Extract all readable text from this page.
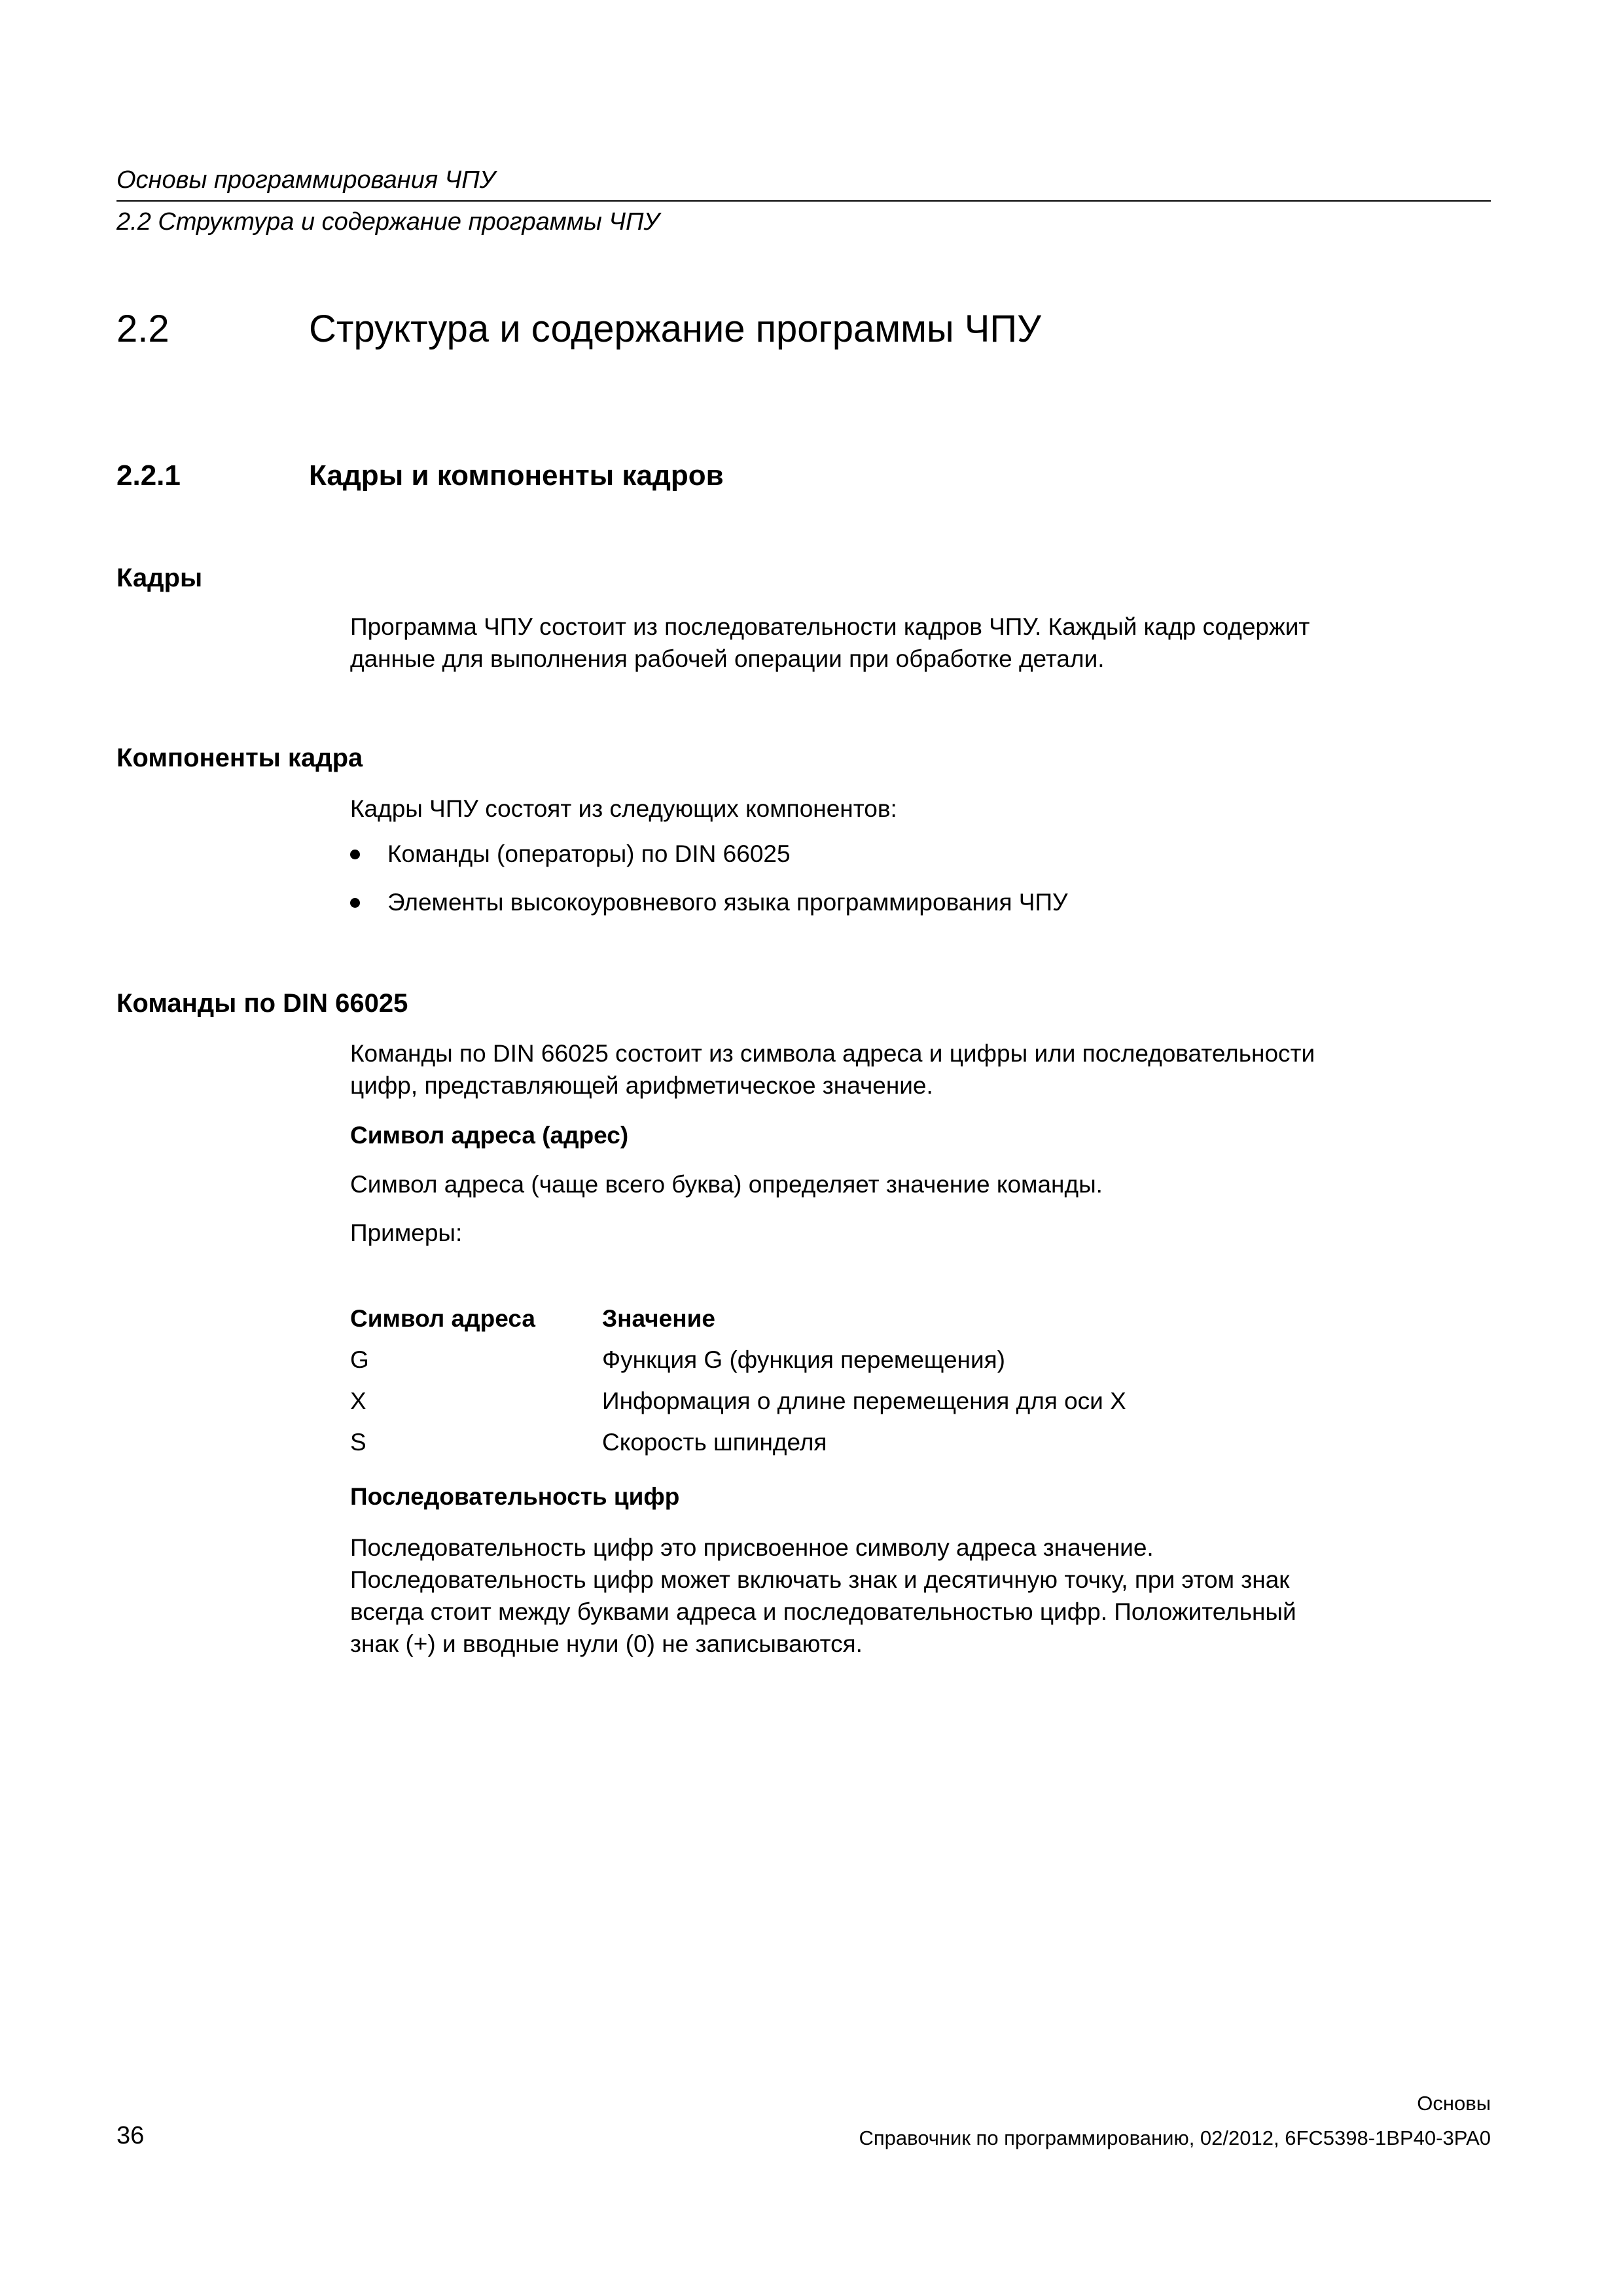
Основы программирования ЧПУ
2.2 Структура и содержание программы ЧПУ
2.2	Структура и содержание программы ЧПУ
2.2.1	Кадры и компоненты кадров
Кадры
Программа ЧПУ состоит из последовательности кадров ЧПУ. Каждый кадр содержит
данные для выполнения рабочей операции при обработке детали.
Компоненты кадра
Кадры ЧПУ состоят из следующих компонентов:
Команды (операторы) по DIN 66025
Элементы высокоуровневого языка программирования ЧПУ
Команды по DIN 66025
Команды по DIN 66025 состоит из символа адреса и цифры или последовательности
цифр, представляющей арифметическое значение.
Символ адреса (адрес)
Символ адреса (чаще всего буква) определяет значение команды.
Примеры:
Символ адреса	Значение
G	Функция G (функция перемещения)
X	Информация о длине перемещения для оси X
S	Скорость шпинделя
Последовательность цифр
Последовательность цифр это присвоенное символу адреса значение.
Последовательность цифр может включать знак и десятичную точку, при этом знак
всегда стоит между буквами адреса и последовательностью цифр. Положительный
знак (+) и вводные нули (0) не записываются.
Основы
36	Справочник по программированию, 02/2012, 6FC5398-1BP40-3PA0
